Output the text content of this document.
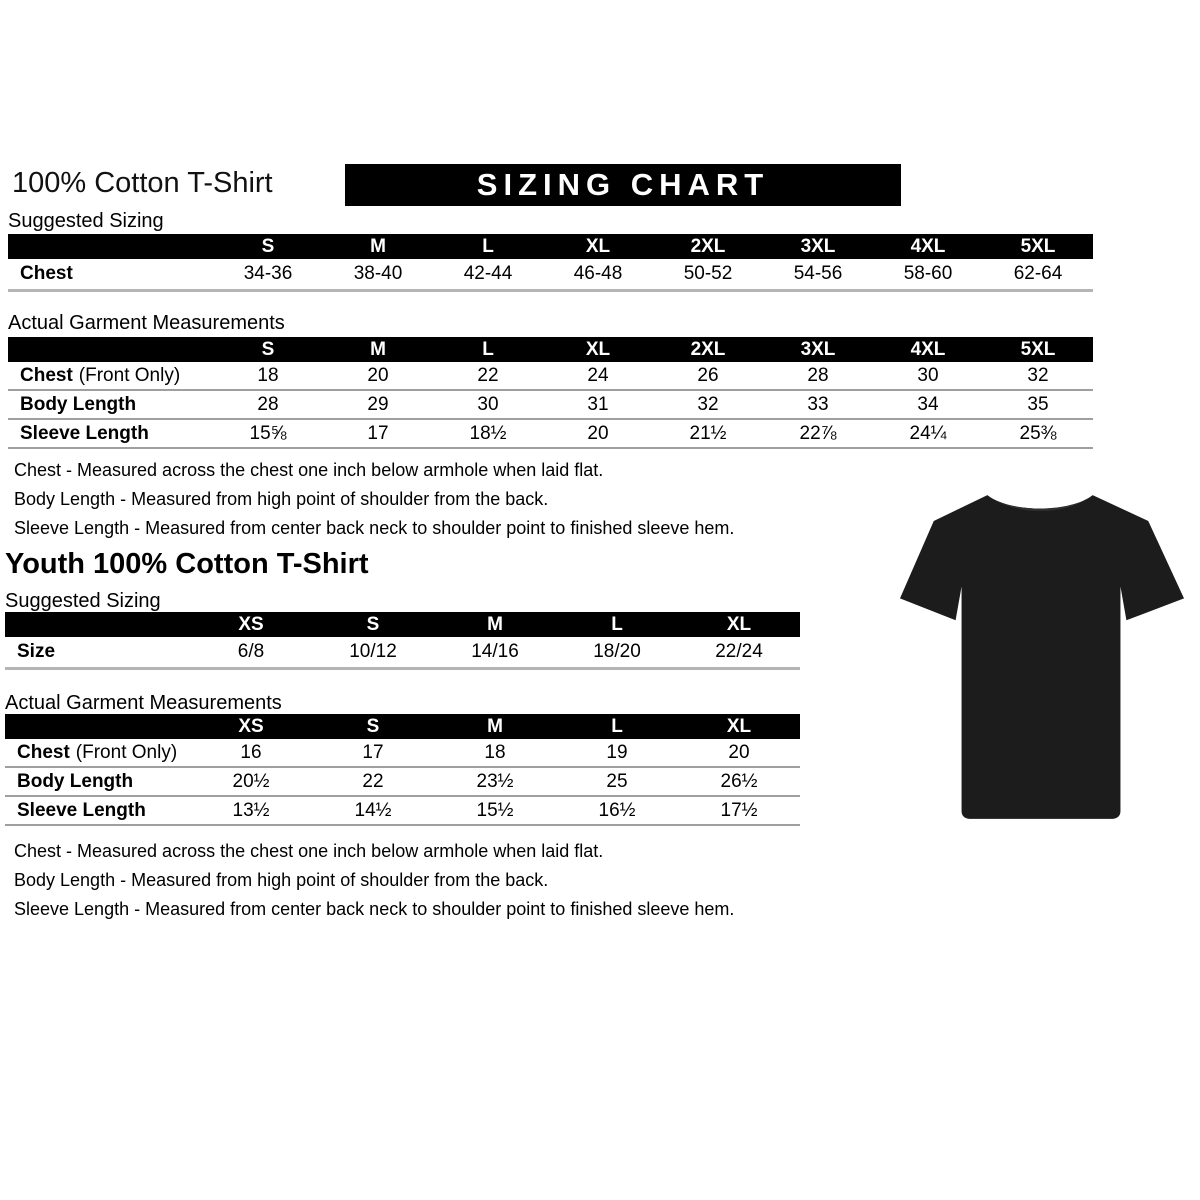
100% Cotton T-Shirt	SIZING CHART
Suggested Sizing
S	M	L	XL	2XL	3XL	4XL	5XL
Chest	34-36	38-40	42-44	46-48	50-52	54-56	58-60	62-64
Actual Garment Measurements
S	M	L	XL	2XL	3XL	4XL	5XL
Chest (Front Only)	18	20	22	24	26	28	30	32
Body Length	28	29	30	31	32	33	34	35
Sleeve Length	15⅝	17	18½	20	21½	22⅞	24¼	25⅜
Chest - Measured across the chest one inch below armhole when laid flat.
Body Length - Measured from high point of shoulder from the back.
Sleeve Length - Measured from center back neck to shoulder point to finished sleeve hem.
Youth 100% Cotton T-Shirt
Suggested Sizing
XS	S	M	L	XL
Size	6/8	10/12	14/16	18/20	22/24
Actual Garment Measurements
XS	S	M	L	XL
Chest (Front Only)	16	17	18	19	20
Body Length	20½	22	23½	25	26½
Sleeve Length	13½	14½	15½	16½	17½
Chest - Measured across the chest one inch below armhole when laid flat.
Body Length - Measured from high point of shoulder from the back.
Sleeve Length - Measured from center back neck to shoulder point to finished sleeve hem.
